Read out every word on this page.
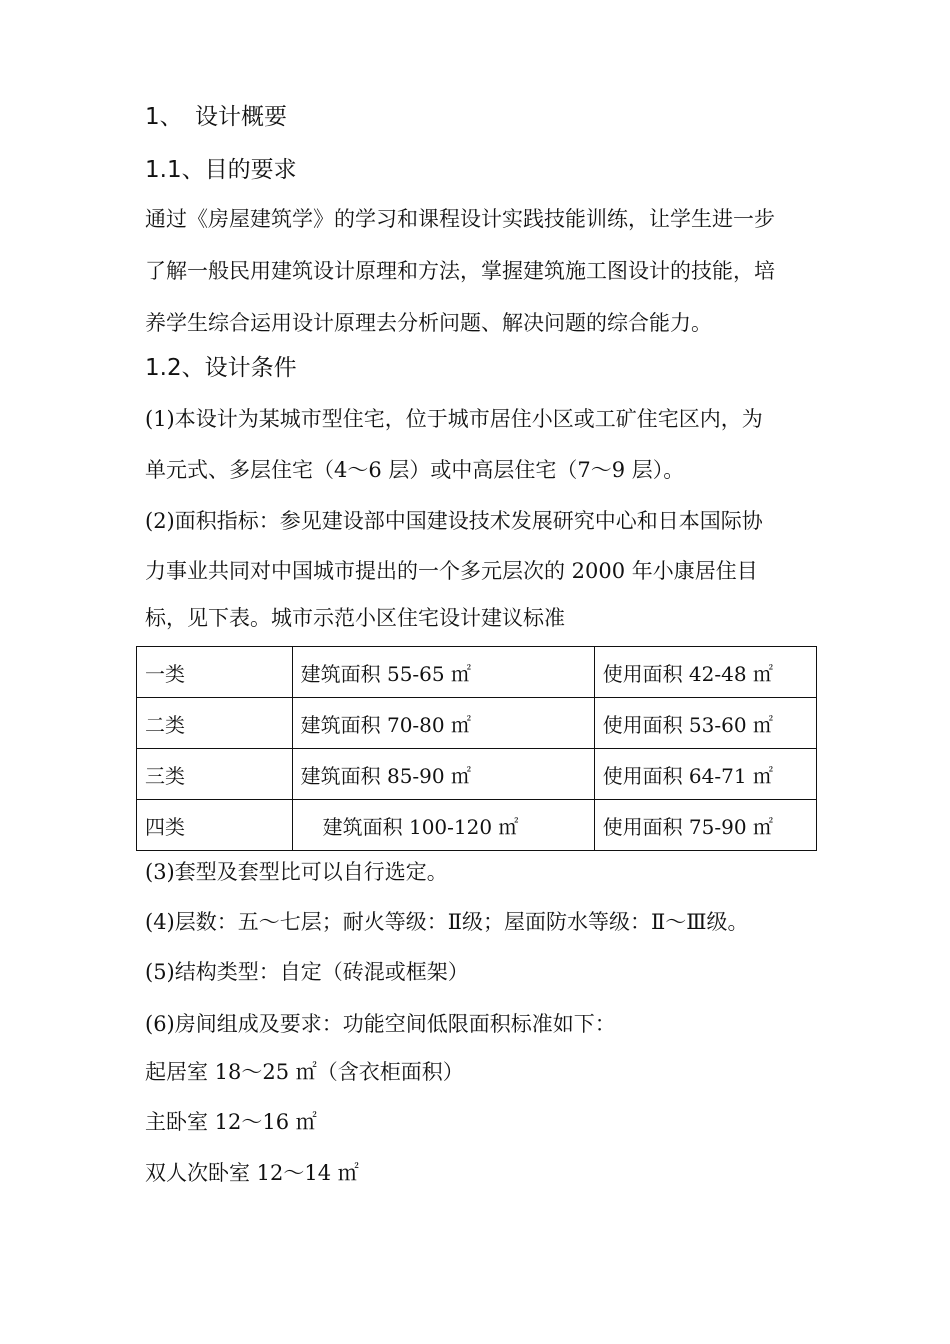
1、 设计概要
1.1、目的要求
通过《房屋建筑学》的学习和课程设计实践技能训练，让学生进一步
了解一般民用建筑设计原理和方法，掌握建筑施工图设计的技能，培
养学生综合运用设计原理去分析问题、解决问题的综合能力。
1.2、设计条件
(1)本设计为某城市型住宅，位于城市居住小区或工矿住宅区内，为
单元式、多层住宅（4～6 层）或中高层住宅（7～9 层）。
(2)面积指标：参见建设部中国建设技术发展研究中心和日本国际协
力事业共同对中国城市提出的一个多元层次的 2000 年小康居住目
标，见下表。城市示范小区住宅设计建议标准
一类	建筑面积 55-65 ㎡	使用面积 42-48 ㎡
二类	建筑面积 70-80 ㎡	使用面积 53-60 ㎡
三类	建筑面积 85-90 ㎡	使用面积 64-71 ㎡
四类	建筑面积 100-120 ㎡	使用面积 75-90 ㎡
(3)套型及套型比可以自行选定。
(4)层数：五～七层；耐火等级：Ⅱ级；屋面防水等级：Ⅱ～Ⅲ级。
(5)结构类型：自定（砖混或框架）
(6)房间组成及要求：功能空间低限面积标准如下：
起居室 18～25 ㎡（含衣柜面积）
主卧室 12～16 ㎡
双人次卧室 12～14 ㎡
